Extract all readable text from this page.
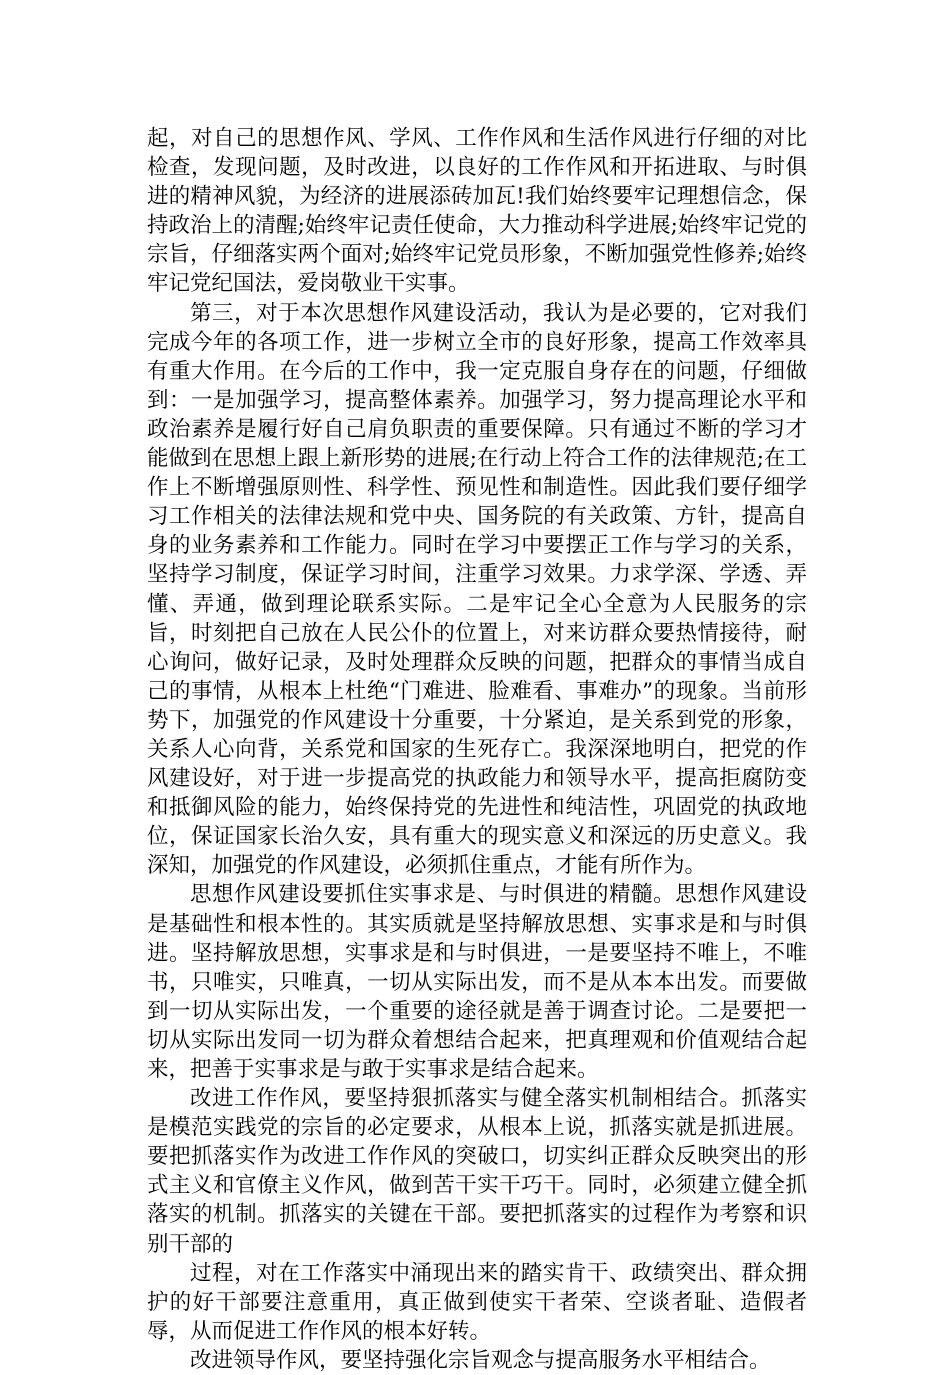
起，对自己的思想作风、学风、工作作风和生活作风进行仔细的对比检查，发现问题，及时改进，以良好的工作作风和开拓进取、与时俱进的精神风貌，为经济的进展添砖加瓦!我们始终要牢记理想信念，保持政治上的清醒;始终牢记责任使命，大力推动科学进展;始终牢记党的宗旨，仔细落实两个面对;始终牢记党员形象，不断加强党性修养;始终牢记党纪国法，爱岗敬业干实事。

第三，对于本次思想作风建设活动，我认为是必要的，它对我们完成今年的各项工作，进一步树立全市的良好形象，提高工作效率具有重大作用。在今后的工作中，我一定克服自身存在的问题，仔细做到：一是加强学习，提高整体素养。加强学习，努力提高理论水平和政治素养是履行好自己肩负职责的重要保障。只有通过不断的学习才能做到在思想上跟上新形势的进展;在行动上符合工作的法律规范;在工作上不断增强原则性、科学性、预见性和制造性。因此我们要仔细学习工作相关的法律法规和党中央、国务院的有关政策、方针，提高自身的业务素养和工作能力。同时在学习中要摆正工作与学习的关系，坚持学习制度，保证学习时间，注重学习效果。力求学深、学透、弄懂、弄通，做到理论联系实际。二是牢记全心全意为人民服务的宗旨，时刻把自己放在人民公仆的位置上，对来访群众要热情接待，耐心询问，做好记录，及时处理群众反映的问题，把群众的事情当成自己的事情，从根本上杜绝“门难进、脸难看、事难办”的现象。当前形势下，加强党的作风建设十分重要，十分紧迫，是关系到党的形象，关系人心向背，关系党和国家的生死存亡。我深深地明白，把党的作风建设好，对于进一步提高党的执政能力和领导水平，提高拒腐防变和抵御风险的能力，始终保持党的先进性和纯洁性，巩固党的执政地位，保证国家长治久安，具有重大的现实意义和深远的历史意义。我深知，加强党的作风建设，必须抓住重点，才能有所作为。

思想作风建设要抓住实事求是、与时俱进的精髓。思想作风建设是基础性和根本性的。其实质就是坚持解放思想、实事求是和与时俱进。坚持解放思想，实事求是和与时俱进，一是要坚持不唯上，不唯书，只唯实，只唯真，一切从实际出发，而不是从本本出发。而要做到一切从实际出发，一个重要的途径就是善于调查讨论。二是要把一切从实际出发同一切为群众着想结合起来，把真理观和价值观结合起来，把善于实事求是与敢于实事求是结合起来。

改进工作作风，要坚持狠抓落实与健全落实机制相结合。抓落实是模范实践党的宗旨的必定要求，从根本上说，抓落实就是抓进展。要把抓落实作为改进工作作风的突破口，切实纠正群众反映突出的形式主义和官僚主义作风，做到苦干实干巧干。同时，必须建立健全抓落实的机制。抓落实的关键在干部。要把抓落实的过程作为考察和识别干部的

过程，对在工作落实中涌现出来的踏实肯干、政绩突出、群众拥护的好干部要注意重用，真正做到使实干者荣、空谈者耻、造假者辱，从而促进工作作风的根本好转。

改进领导作风，要坚持强化宗旨观念与提高服务水平相结合。
